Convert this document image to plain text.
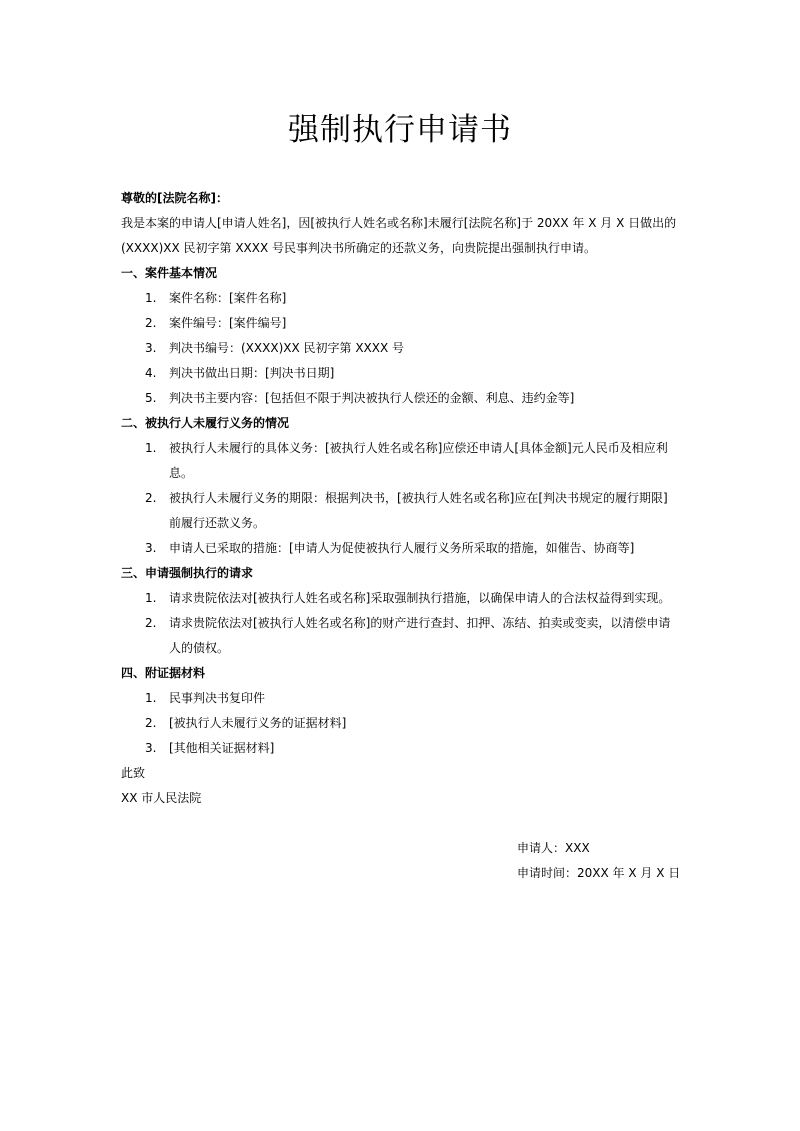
强制执行申请书
尊敬的[法院名称]：
我是本案的申请人[申请人姓名]，因[被执行人姓名或名称]未履行[法院名称]于 20XX 年 X 月 X 日做出的
(XXXX)XX 民初字第 XXXX 号民事判决书所确定的还款义务，向贵院提出强制执行申请。
一、案件基本情况
1. 案件名称：[案件名称]
2. 案件编号：[案件编号]
3. 判决书编号：(XXXX)XX 民初字第 XXXX 号
4. 判决书做出日期：[判决书日期]
5. 判决书主要内容：[包括但不限于判决被执行人偿还的金额、利息、违约金等]
二、被执行人未履行义务的情况
1. 被执行人未履行的具体义务：[被执行人姓名或名称]应偿还申请人[具体金额]元人民币及相应利
息。
2. 被执行人未履行义务的期限：根据判决书，[被执行人姓名或名称]应在[判决书规定的履行期限]
前履行还款义务。
3. 申请人已采取的措施：[申请人为促使被执行人履行义务所采取的措施，如催告、协商等]
三、申请强制执行的请求
1. 请求贵院依法对[被执行人姓名或名称]采取强制执行措施，以确保申请人的合法权益得到实现。
2. 请求贵院依法对[被执行人姓名或名称]的财产进行查封、扣押、冻结、拍卖或变卖，以清偿申请
人的债权。
四、附证据材料
1. 民事判决书复印件
2. [被执行人未履行义务的证据材料]
3. [其他相关证据材料]
此致
XX 市人民法院
申请人：XXX
申请时间：20XX 年 X 月 X 日
